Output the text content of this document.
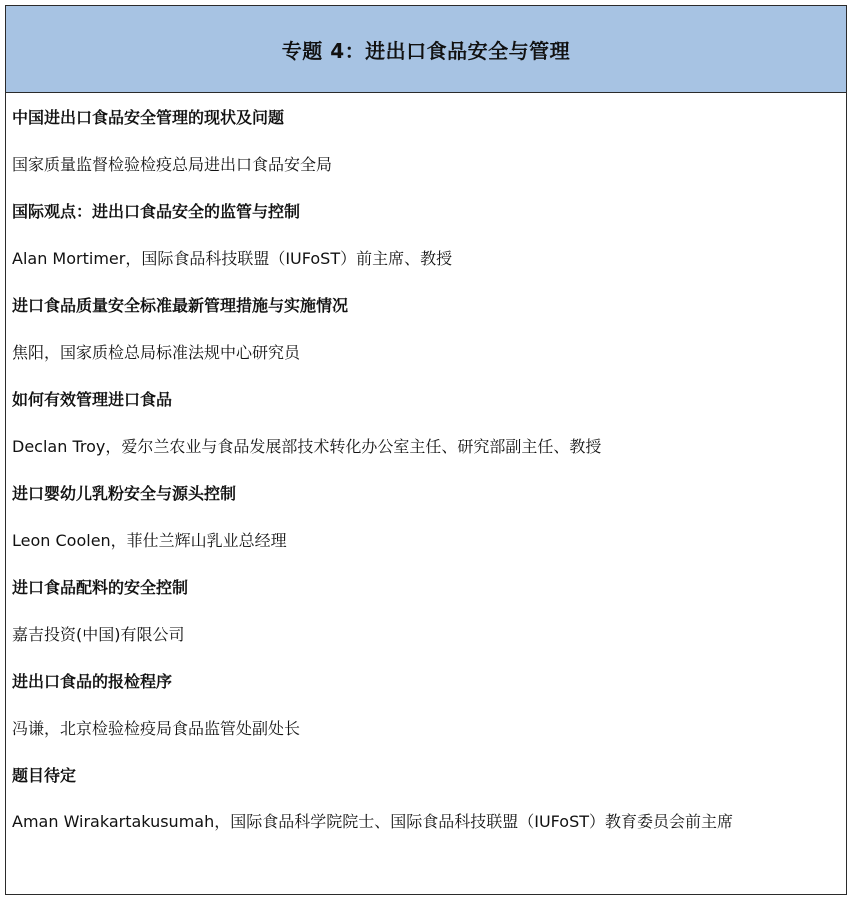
专题 4：进出口食品安全与管理
中国进出口食品安全管理的现状及问题
国家质量监督检验检疫总局进出口食品安全局
国际观点：进出口食品安全的监管与控制
Alan Mortimer，国际食品科技联盟（IUFoST）前主席、教授
进口食品质量安全标准最新管理措施与实施情况
焦阳，国家质检总局标准法规中心研究员
如何有效管理进口食品
Declan Troy，爱尔兰农业与食品发展部技术转化办公室主任、研究部副主任、教授
进口婴幼儿乳粉安全与源头控制
Leon Coolen，菲仕兰辉山乳业总经理
进口食品配料的安全控制
嘉吉投资(中国)有限公司
进出口食品的报检程序
冯谦，北京检验检疫局食品监管处副处长
题目待定
Aman Wirakartakusumah，国际食品科学院院士、国际食品科技联盟（IUFoST）教育委员会前主席
